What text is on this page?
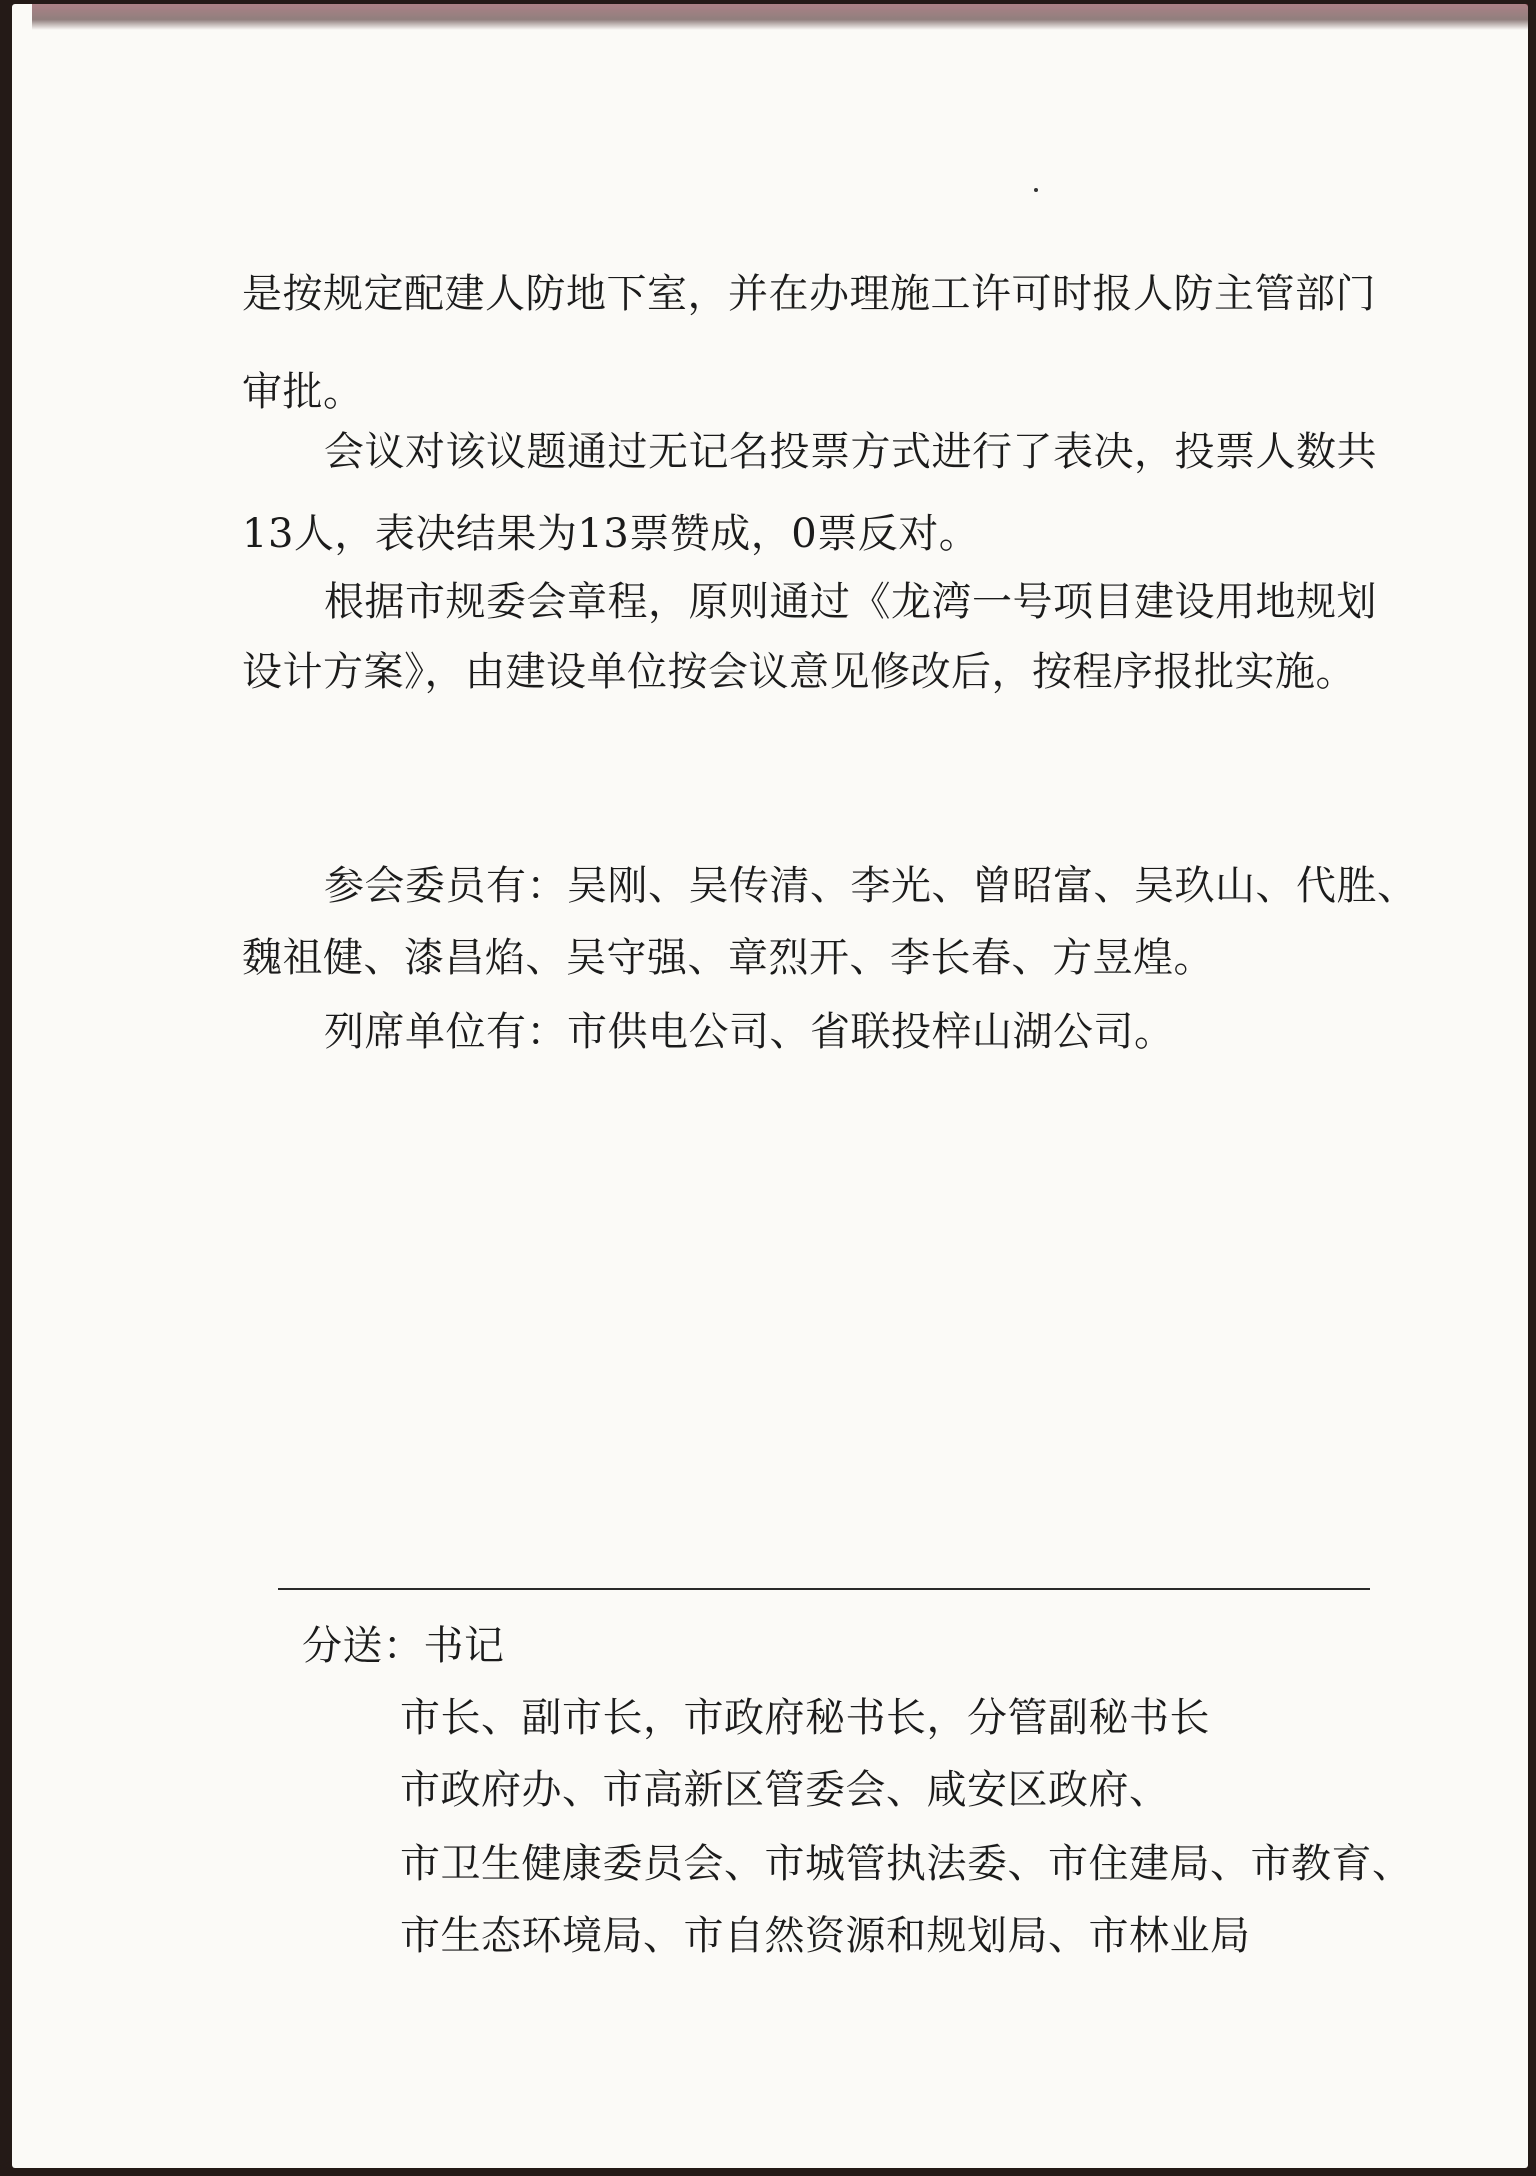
是按规定配建人防地下室，并在办理施工许可时报人防主管部门

审批。

会议对该议题通过无记名投票方式进行了表决，投票人数共

13人，表决结果为13票赞成，0票反对。

根据市规委会章程，原则通过《龙湾一号项目建设用地规划

设计方案》，由建设单位按会议意见修改后，按程序报批实施。

参会委员有：吴刚、吴传清、李光、曾昭富、吴玖山、代胜、

魏祖健、漆昌焰、吴守强、章烈开、李长春、方昱煌。

列席单位有：市供电公司、省联投梓山湖公司。

分送：书记

市长、副市长，市政府秘书长，分管副秘书长

市政府办、市高新区管委会、咸安区政府、

市卫生健康委员会、市城管执法委、市住建局、市教育、

市生态环境局、市自然资源和规划局、市林业局
